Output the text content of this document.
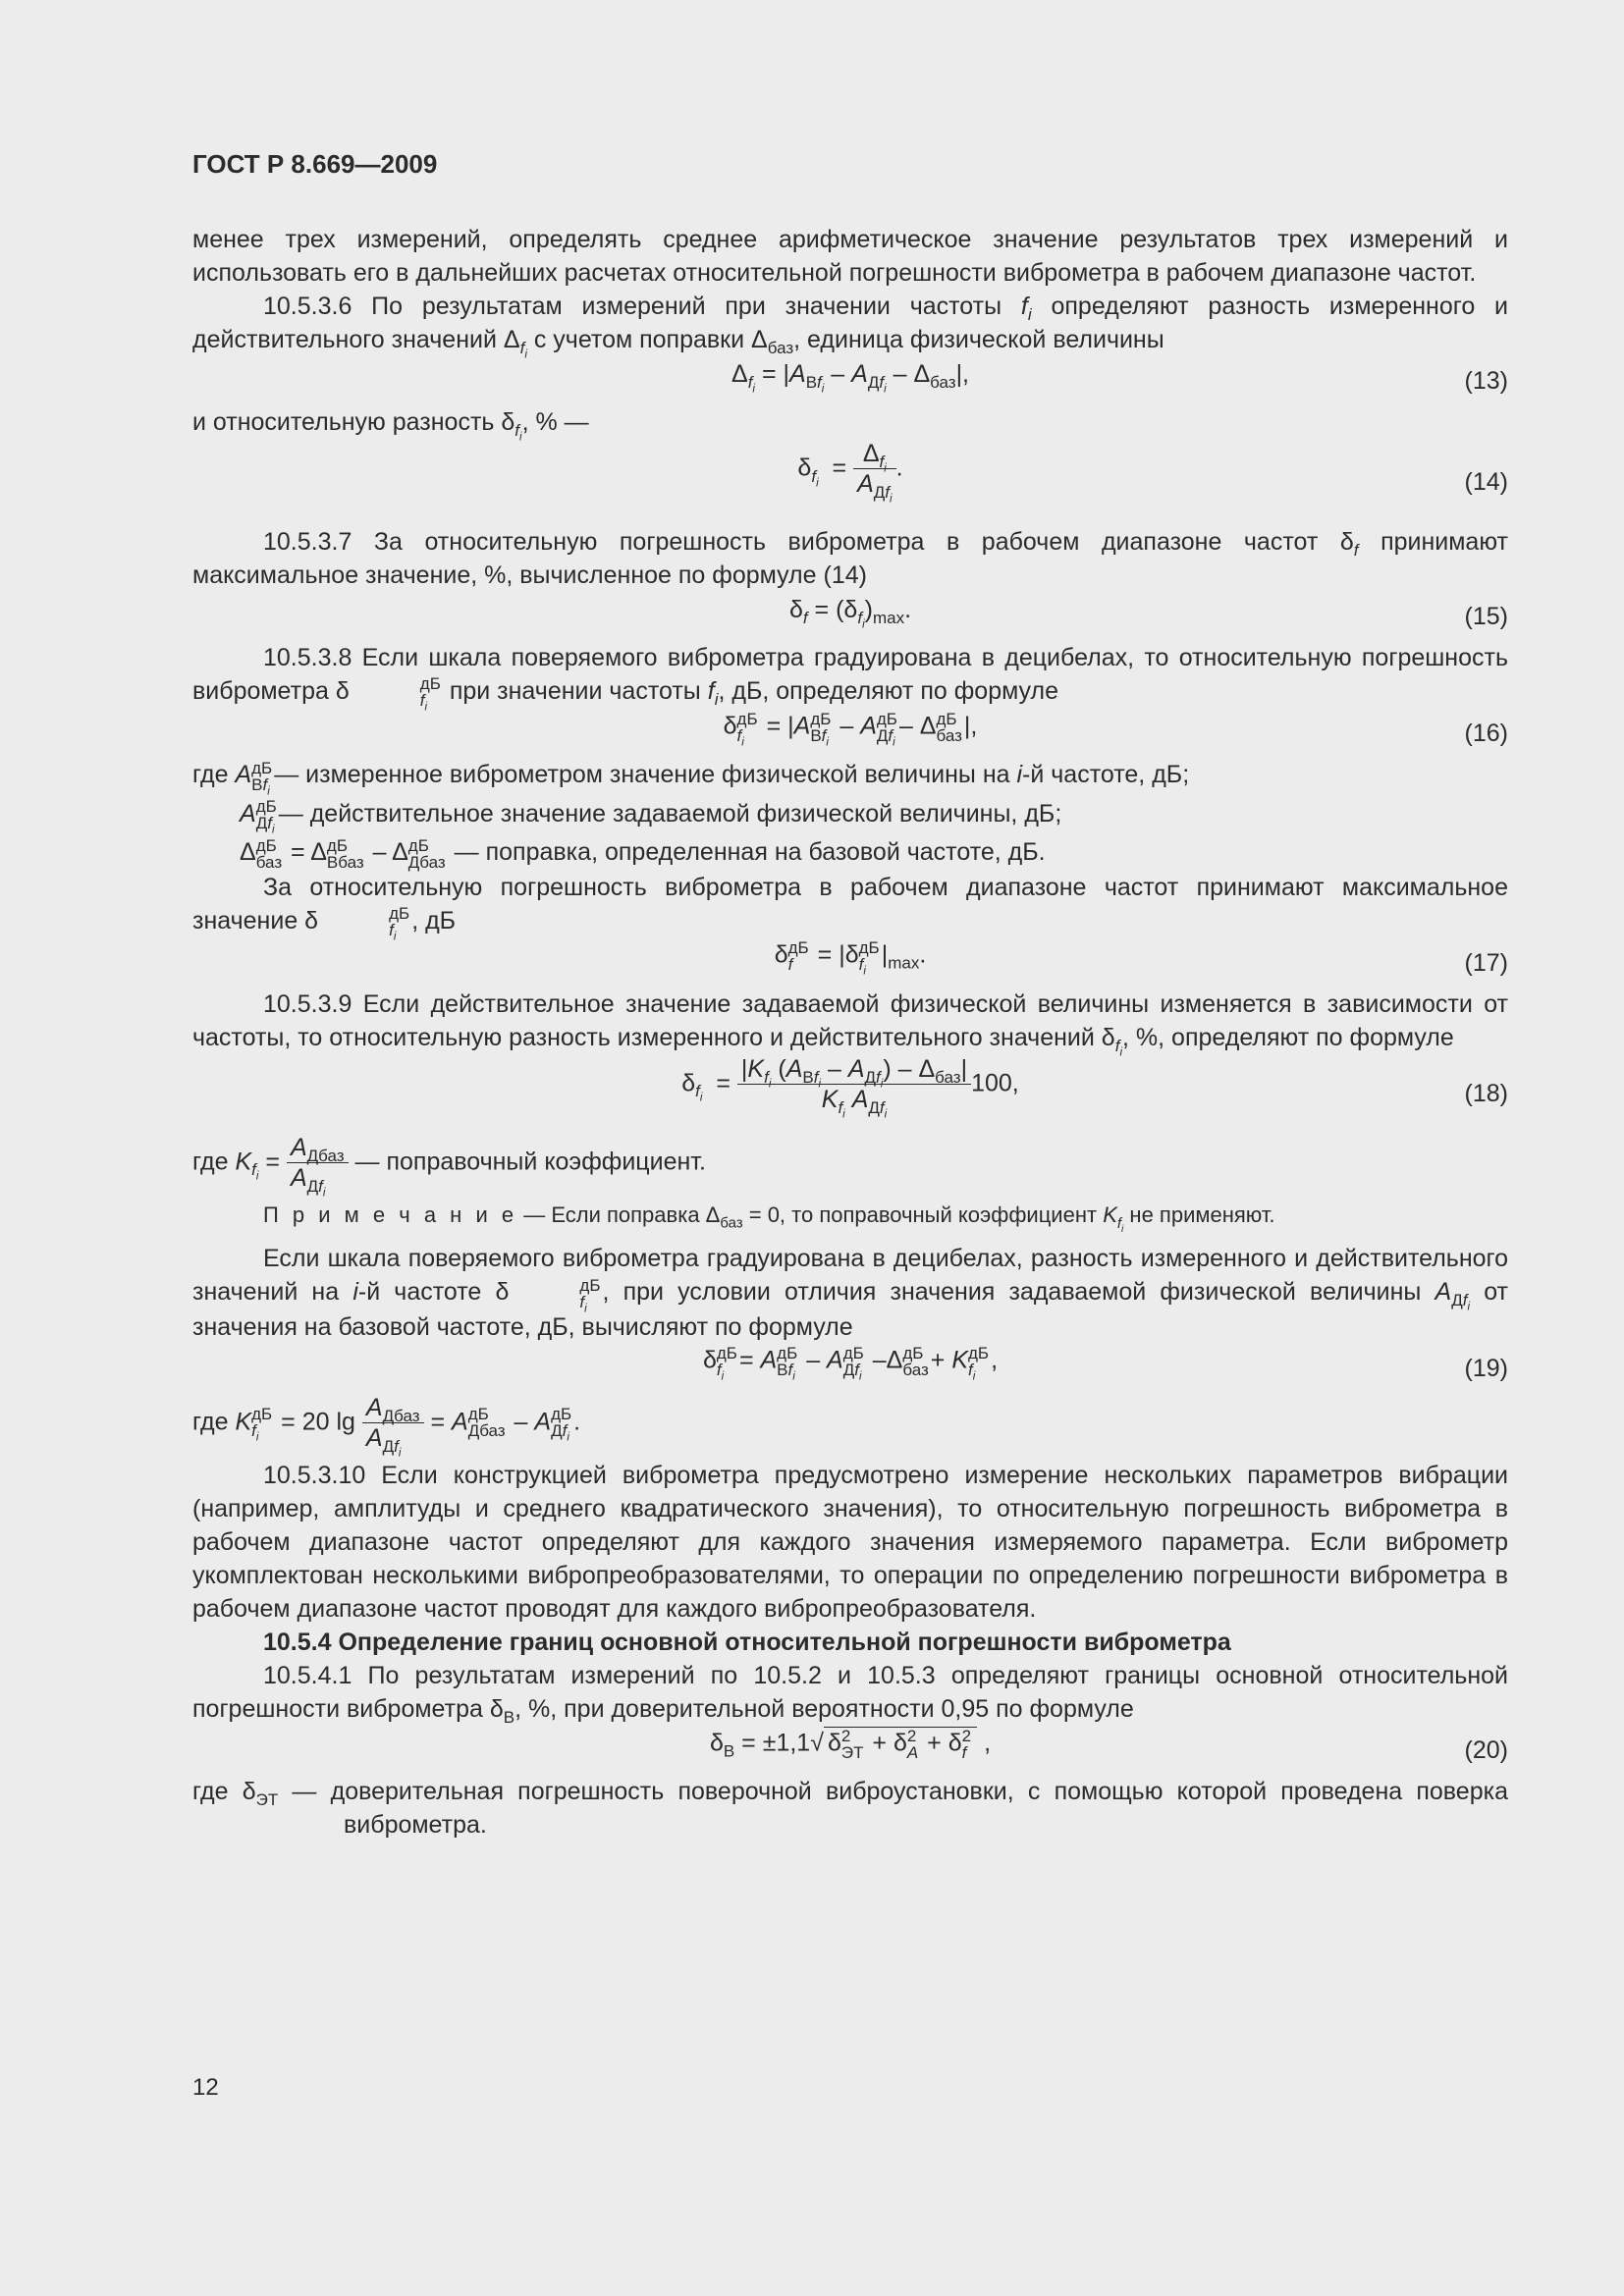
ГОСТ Р 8.669—2009

менее трех измерений, определять среднее арифметическое значение результатов трех измерений и использовать его в дальнейших расчетах относительной погрешности виброметра в рабочем диапазоне частот.

10.5.3.6 По результатам измерений при значении частоты $f_i$ определяют разность измеренного и действительного значений $\Delta_{f_i}$ с учетом поправки $\Delta_{баз}$, единица физической величины

$\Delta_{f_i} = |A_{Вf_i} - A_{Дf_i} - \Delta_{баз}|$,	(13)

и относительную разность $\delta_{f_i}$, % —

$\delta_{f_i} = \frac{\Delta_{f_i}}{A_{Дf_i}}$ .
(14)

10.5.3.7 За относительную погрешность виброметра в рабочем диапазоне частот $\delta_f$ принимают максимальное значение, %, вычисленное по формуле (14)

$\delta_f = (\delta_{f_i})_{max}$.	(15)

10.5.3.8 Если шкала поверяемого виброметра градуирована в децибелах, то относительную погрешность виброметра δ	дБ
$f_i$
при значении частоты $f_i$, дБ, определяют по формуле

δ дБ
$f_i$
= |A дБ
$Вf_i$
– A дБ
$Дf_i$
– Δ дБ
баз |,	(16)

где A дБ
$Вf_i$
— измеренное виброметром значение физической величины на i-й частоте, дБ;

A дБ
$Дf_i$
— действительное значение задаваемой физической величины, дБ;

Δ дБ
баз = Δ дБ
Вбаз – Δ дБ
Дбаз — поправка, определенная на базовой частоте, дБ.

За относительную погрешность виброметра в рабочем диапазоне частот принимают максимальное значение δ	дБ
$f_i$
, дБ

δ дБ
f = |δ дБ
$f_i$
$|_{max}$.	(17)

10.5.3.9 Если действительное значение задаваемой физической величины изменяется в зависимости от частоты, то относительную разность измеренного и действительного значений $\delta_{f_i}$, %, определяют по формуле

$\delta_{f_i} = \frac{|K_{f_i} (A_{Вf_i} - A_{Дf_i}) - \Delta_{баз}|}{K_{f_i} A_{Дf_i}} 100$,	(18)

где $K_{f_i} = \frac{A_{Дбаз}}{A_{Дf_i}}$ — поправочный коэффициент.

П р и м е ч а н и е — Если поправка $\Delta_{баз} = 0$, то поправочный коэффициент $K_{f_i}$ не применяют.

Если шкала поверяемого виброметра градуирована в децибелах, разность измеренного и действительного значений на i-й частоте δ	дБ
$f_i$
, при условии отличия значения задаваемой физической величины $A_{Дf_i}$ от значения на базовой частоте, дБ, вычисляют по формуле

δ дБ
$f_i$
= A дБ
$Вf_i$
– A дБ
$Дf_i$
–Δ дБ
баз + K дБ
$f_i$
,	(19)

где K дБ
$f_i$
= 20 $\lg \frac{A_{Дбаз}}{A_{Дf_i}} = A$ дБ
Дбаз – A дБ
$Дf_i$
.

10.5.3.10 Если конструкцией виброметра предусмотрено измерение нескольких параметров вибрации (например, амплитуды и среднего квадратического значения), то относительную погрешность виброметра в рабочем диапазоне частот определяют для каждого значения измеряемого параметра. Если виброметр укомплектован несколькими вибропреобразователями, то операции по определению погрешности виброметра в рабочем диапазоне частот проводят для каждого вибропреобразователя.

10.5.4 Определение границ основной относительной погрешности виброметра

10.5.4.1 По результатам измерений по 10.5.2 и 10.5.3 определяют границы основной относительной погрешности виброметра $\delta_В$, %, при доверительной вероятности 0,95 по формуле

$\delta_В = \pm 1,1√$ δ 2
ЭТ + δ 2
A + δ 2
f ,	(20)

где $\delta_{ЭТ}$ — доверительная погрешность поверочной виброустановки, с помощью которой проведена поверка виброметра.

12
